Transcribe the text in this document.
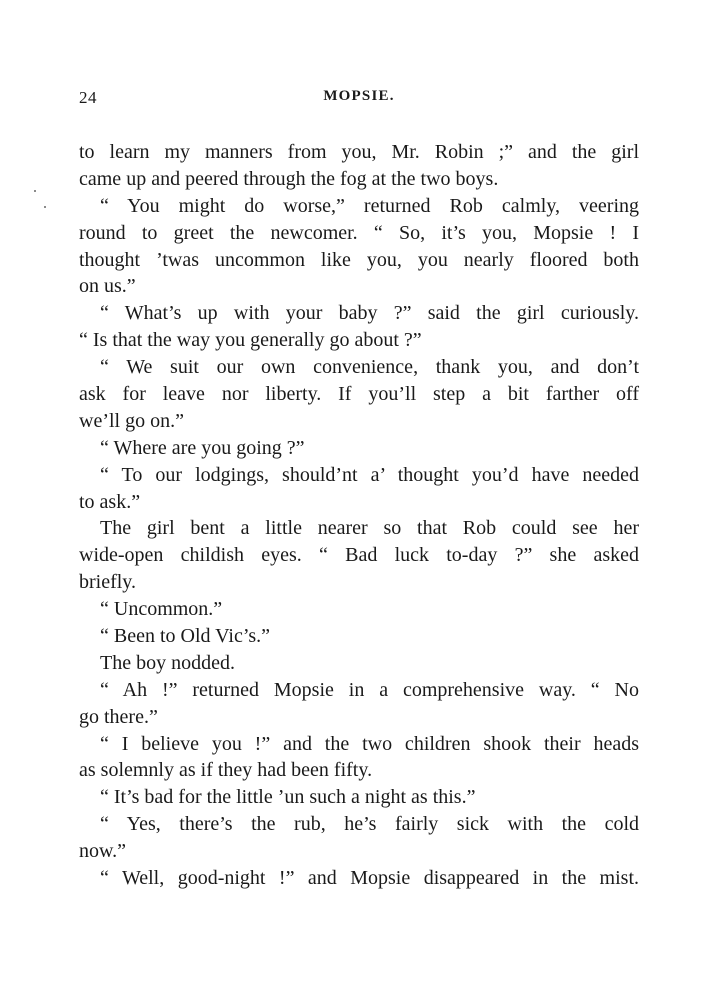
24	MOPSIE.
to learn my manners from you, Mr. Robin ;” and the girl
came up and peered through the fog at the two boys.
“ You might do worse,” returned Rob calmly, veering
round to greet the newcomer. “ So, it’s you, Mopsie ! I
thought ’twas uncommon like you, you nearly floored both
on us.”
“ What’s up with your baby ?” said the girl curiously.
“ Is that the way you generally go about ?”
“ We suit our own convenience, thank you, and don’t
ask for leave nor liberty. If you’ll step a bit farther off
we’ll go on.”
“ Where are you going ?”
“ To our lodgings, should’nt a’ thought you’d have needed
to ask.”
The girl bent a little nearer so that Rob could see her
wide-open childish eyes. “ Bad luck to-day ?” she asked
briefly.
“ Uncommon.”
“ Been to Old Vic’s.”
The boy nodded.
“ Ah !” returned Mopsie in a comprehensive way. “ No
go there.”
“ I believe you !” and the two children shook their heads
as solemnly as if they had been fifty.
“ It’s bad for the little ’un such a night as this.”
“ Yes, there’s the rub, he’s fairly sick with the cold
now.”
“ Well, good-night !” and Mopsie disappeared in the mist.
